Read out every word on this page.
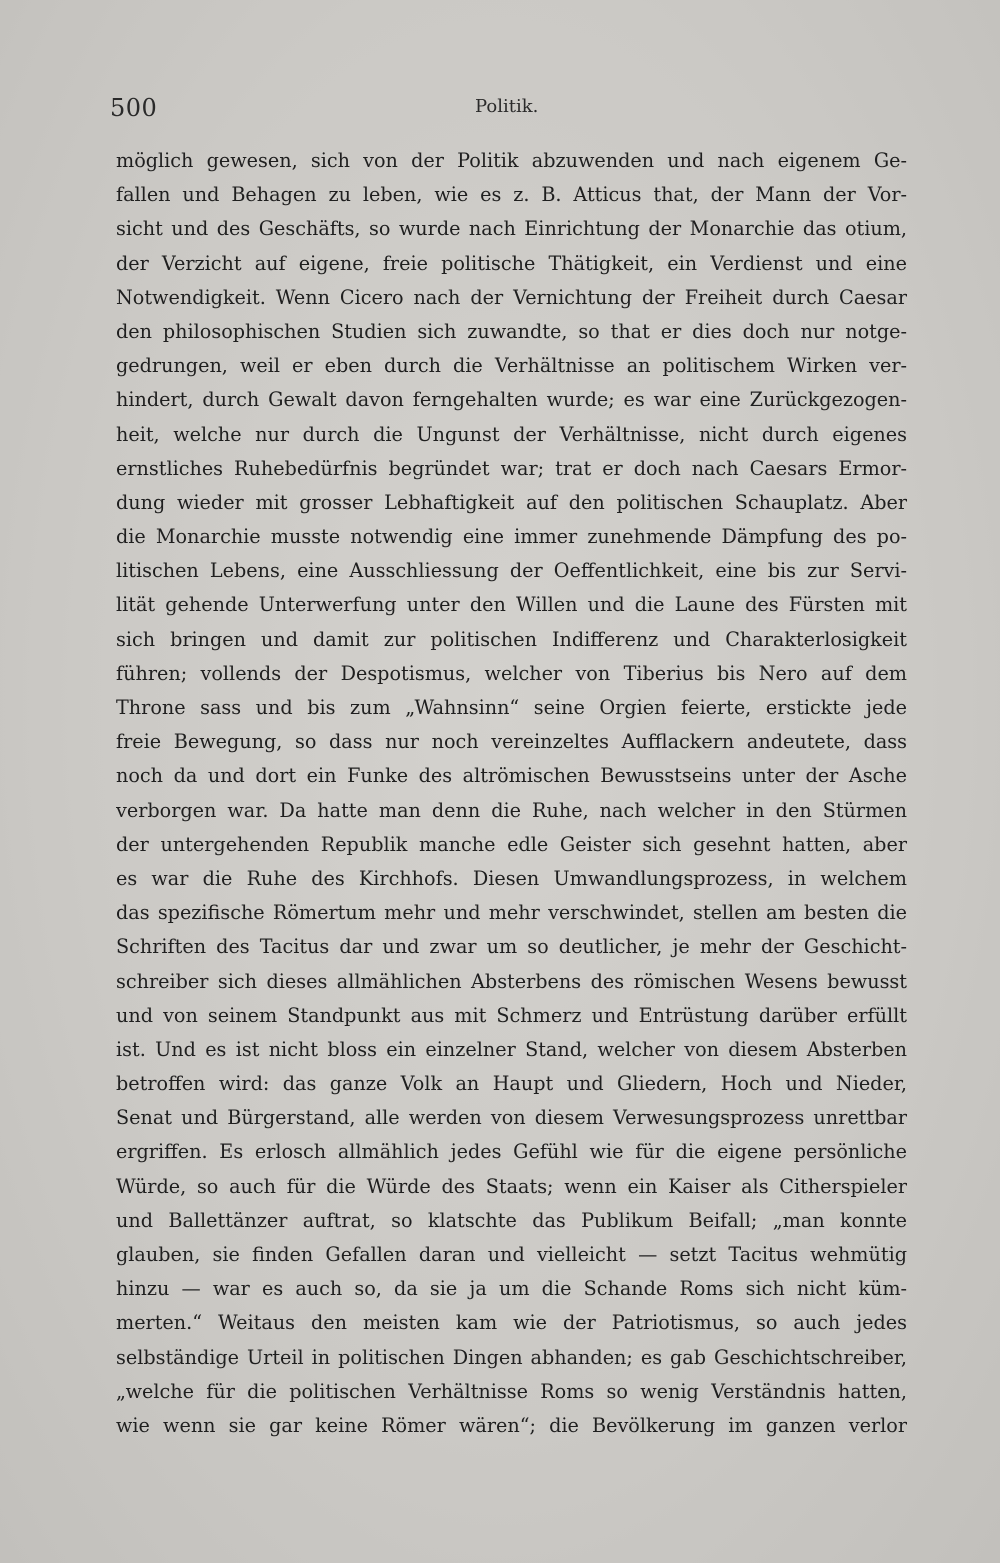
500	Politik.
möglich gewesen, sich von der Politik abzuwenden und nach eigenem Ge-
fallen und Behagen zu leben, wie es z. B. Atticus that, der Mann der Vor-
sicht und des Geschäfts, so wurde nach Einrichtung der Monarchie das otium,
der Verzicht auf eigene, freie politische Thätigkeit, ein Verdienst und eine
Notwendigkeit. Wenn Cicero nach der Vernichtung der Freiheit durch Caesar
den philosophischen Studien sich zuwandte, so that er dies doch nur notge-
gedrungen, weil er eben durch die Verhältnisse an politischem Wirken ver-
hindert, durch Gewalt davon ferngehalten wurde; es war eine Zurückgezogen-
heit, welche nur durch die Ungunst der Verhältnisse, nicht durch eigenes
ernstliches Ruhebedürfnis begründet war; trat er doch nach Caesars Ermor-
dung wieder mit grosser Lebhaftigkeit auf den politischen Schauplatz. Aber
die Monarchie musste notwendig eine immer zunehmende Dämpfung des po-
litischen Lebens, eine Ausschliessung der Oeffentlichkeit, eine bis zur Servi-
lität gehende Unterwerfung unter den Willen und die Laune des Fürsten mit
sich bringen und damit zur politischen Indifferenz und Charakterlosigkeit
führen; vollends der Despotismus, welcher von Tiberius bis Nero auf dem
Throne sass und bis zum „Wahnsinn“ seine Orgien feierte, erstickte jede
freie Bewegung, so dass nur noch vereinzeltes Aufflackern andeutete, dass
noch da und dort ein Funke des altrömischen Bewusstseins unter der Asche
verborgen war. Da hatte man denn die Ruhe, nach welcher in den Stürmen
der untergehenden Republik manche edle Geister sich gesehnt hatten, aber
es war die Ruhe des Kirchhofs. Diesen Umwandlungsprozess, in welchem
das spezifische Römertum mehr und mehr verschwindet, stellen am besten die
Schriften des Tacitus dar und zwar um so deutlicher, je mehr der Geschicht-
schreiber sich dieses allmählichen Absterbens des römischen Wesens bewusst
und von seinem Standpunkt aus mit Schmerz und Entrüstung darüber erfüllt
ist. Und es ist nicht bloss ein einzelner Stand, welcher von diesem Absterben
betroffen wird: das ganze Volk an Haupt und Gliedern, Hoch und Nieder,
Senat und Bürgerstand, alle werden von diesem Verwesungsprozess unrettbar
ergriffen. Es erlosch allmählich jedes Gefühl wie für die eigene persönliche
Würde, so auch für die Würde des Staats; wenn ein Kaiser als Citherspieler
und Ballettänzer auftrat, so klatschte das Publikum Beifall; „man konnte
glauben, sie finden Gefallen daran und vielleicht — setzt Tacitus wehmütig
hinzu — war es auch so, da sie ja um die Schande Roms sich nicht küm-
merten.“ Weitaus den meisten kam wie der Patriotismus, so auch jedes
selbständige Urteil in politischen Dingen abhanden; es gab Geschichtschreiber,
„welche für die politischen Verhältnisse Roms so wenig Verständnis hatten,
wie wenn sie gar keine Römer wären“; die Bevölkerung im ganzen verlor
